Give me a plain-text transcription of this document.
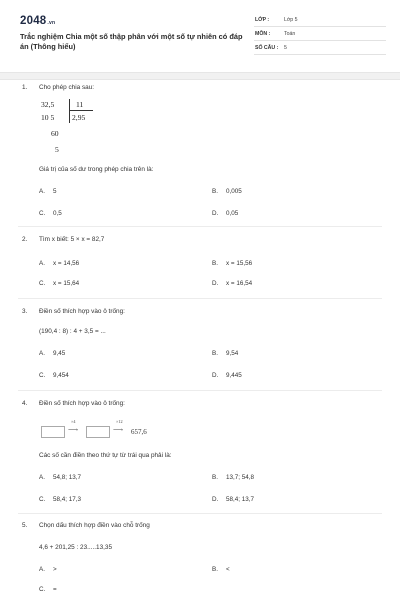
2048.vn
Trắc nghiệm Chia một số thập phân với một số tự nhiên có đáp án (Thông hiểu)
LỚP :	Lớp 5
MÔN :	Toán
SỐ CÂU : 5
1. Cho phép chia sau:
32,5	11
10 5 2,95
60
5
Giá trị của số dư trong phép chia trên là:
A. 5	B. 0,005
C. 0,5	D. 0,05
2. Tìm x biết: 5 × x = 82,7
A. x = 14,56	B. x = 15,56
C. x = 15,64	D. x = 16,54
3. Điền số thích hợp vào ô trống:
(190,4 : 8) : 4 + 3,5 = ...
A. 9,45	B. 9,54
C. 9,454	D. 9,445
4. Điền số thích hợp vào ô trống:
×4
⟶
×12
⟶ 657,6
Các số cần điền theo thứ tự từ trái qua phải là:
A. 54,8; 13,7	B. 13,7; 54,8
C. 58,4; 17,3	D. 58,4; 13,7
5. Chọn dấu thích hợp điền vào chỗ trống
4,6 + 201,25 : 23.....13,35
A. >	B. <
C. =
